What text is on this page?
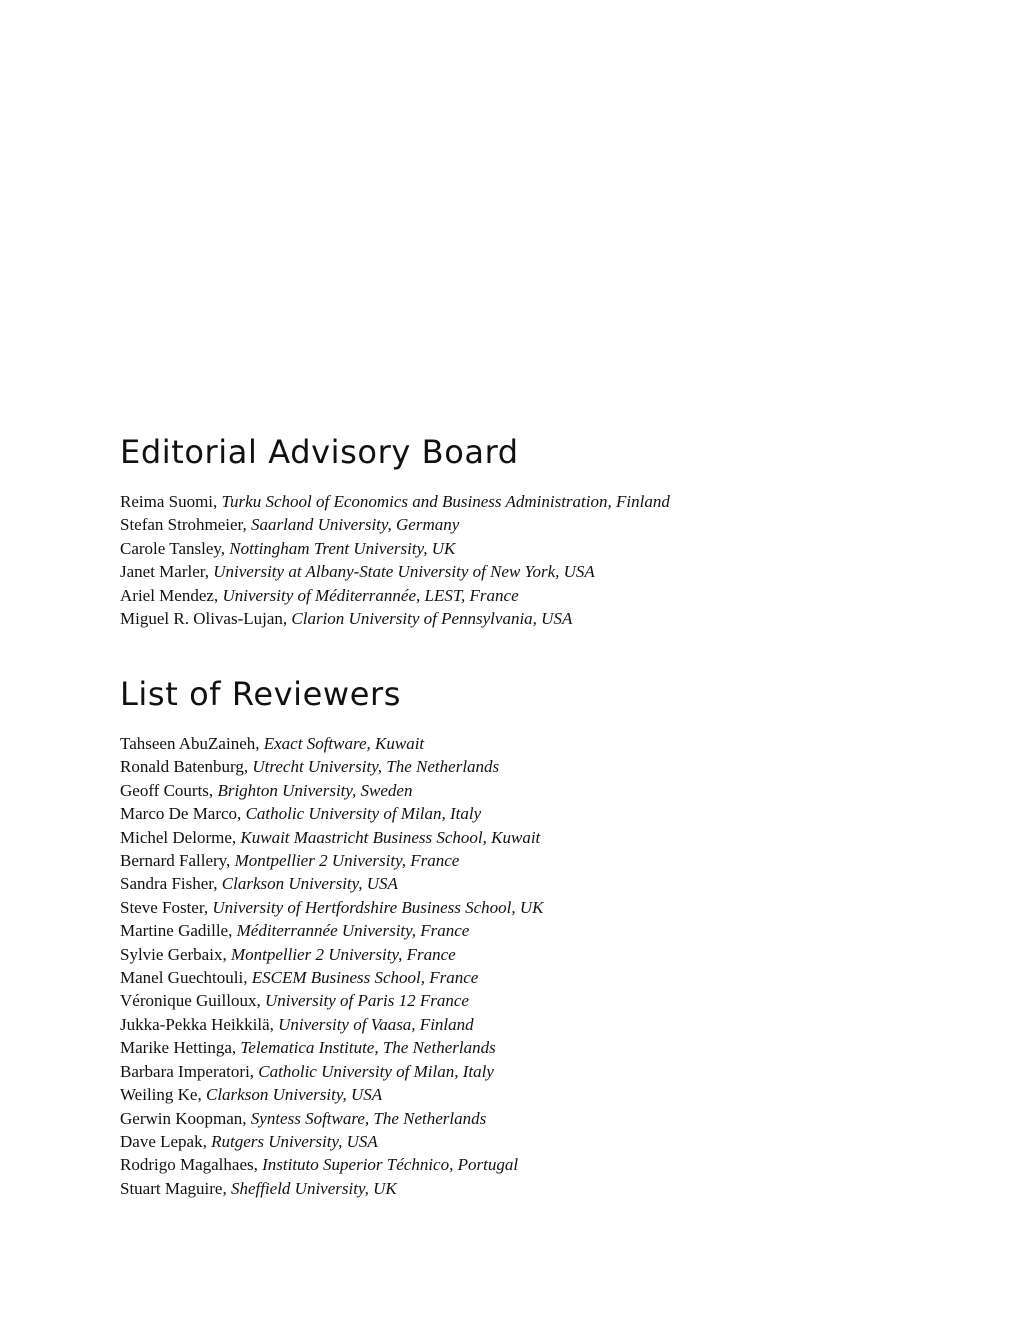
Editorial Advisory Board
Reima Suomi, Turku School of Economics and Business Administration, Finland
Stefan Strohmeier, Saarland University, Germany
Carole Tansley, Nottingham Trent University, UK
Janet Marler, University at Albany-State University of New York, USA
Ariel Mendez, University of Méditerrannée, LEST, France
Miguel R. Olivas-Lujan, Clarion University of Pennsylvania, USA
List of Reviewers
Tahseen AbuZaineh, Exact Software, Kuwait
Ronald Batenburg, Utrecht University, The Netherlands
Geoff Courts, Brighton University, Sweden
Marco De Marco, Catholic University of Milan, Italy
Michel Delorme, Kuwait Maastricht Business School, Kuwait
Bernard Fallery, Montpellier 2 University, France
Sandra Fisher, Clarkson University, USA
Steve Foster, University of Hertfordshire Business School, UK
Martine Gadille, Méditerrannée University, France
Sylvie Gerbaix, Montpellier 2 University, France
Manel Guechtouli, ESCEM Business School, France
Véronique Guilloux, University of Paris 12 France
Jukka-Pekka Heikkilä, University of Vaasa, Finland
Marike Hettinga, Telematica Institute, The Netherlands
Barbara Imperatori, Catholic University of Milan, Italy
Weiling Ke, Clarkson University, USA
Gerwin Koopman, Syntess Software, The Netherlands
Dave Lepak, Rutgers University, USA
Rodrigo Magalhaes, Instituto Superior Téchnico, Portugal
Stuart Maguire, Sheffield University, UK
